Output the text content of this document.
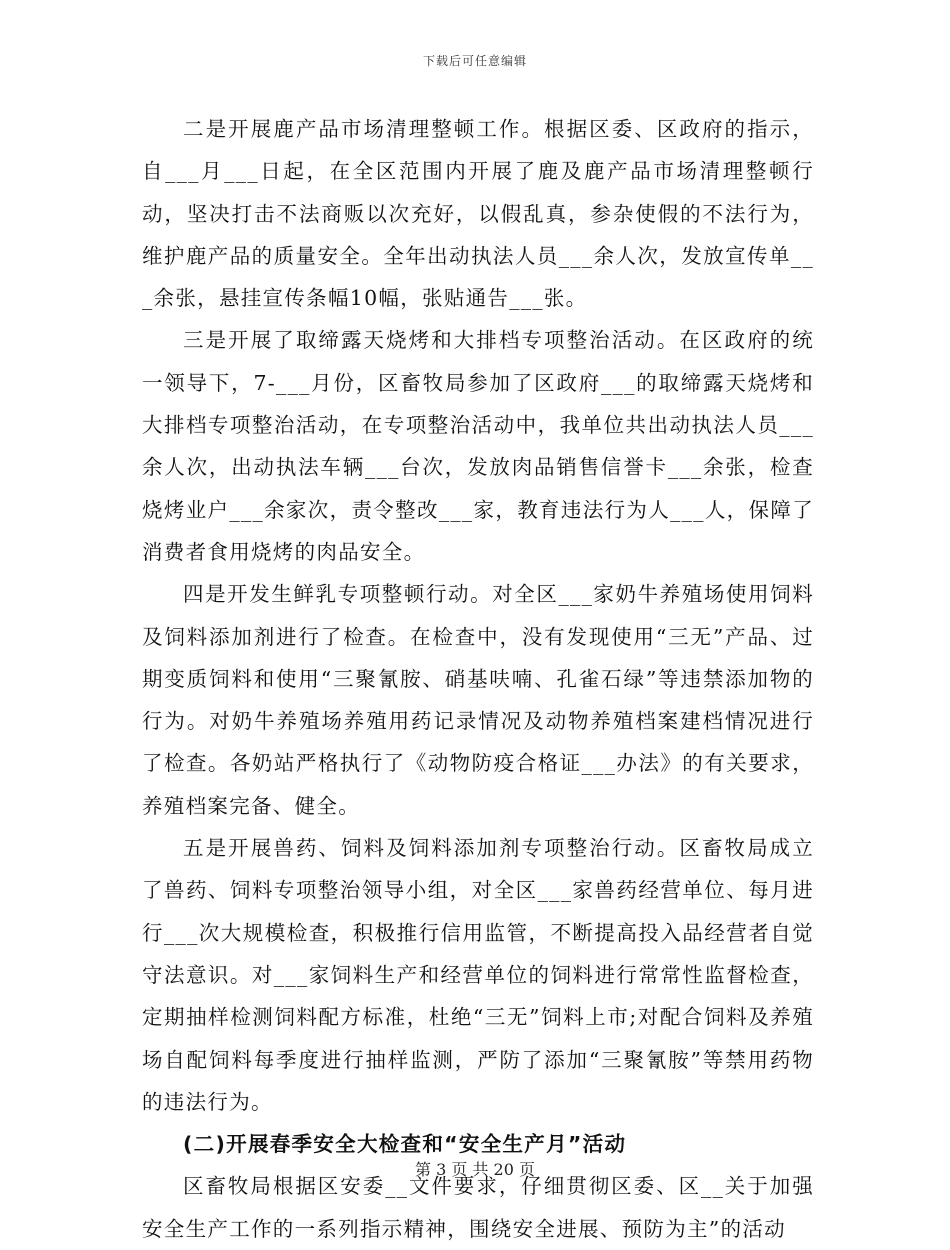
下载后可任意编辑

二是开展鹿产品市场清理整顿工作。根据区委、区政府的指示，自___月___日起，在全区范围内开展了鹿及鹿产品市场清理整顿行动，坚决打击不法商贩以次充好，以假乱真，参杂使假的不法行为，维护鹿产品的质量安全。全年出动执法人员___余人次，发放宣传单___余张，悬挂宣传条幅10幅，张贴通告___张。

三是开展了取缔露天烧烤和大排档专项整治活动。在区政府的统一领导下，7-___月份，区畜牧局参加了区政府___的取缔露天烧烤和大排档专项整治活动，在专项整治活动中，我单位共出动执法人员___余人次，出动执法车辆___台次，发放肉品销售信誉卡___余张，检查烧烤业户___余家次，责令整改___家，教育违法行为人___人，保障了消费者食用烧烤的肉品安全。

四是开发生鲜乳专项整顿行动。对全区___家奶牛养殖场使用饲料及饲料添加剂进行了检查。在检查中，没有发现使用“三无”产品、过期变质饲料和使用“三聚氰胺、硝基呋喃、孔雀石绿”等违禁添加物的行为。对奶牛养殖场养殖用药记录情况及动物养殖档案建档情况进行了检查。各奶站严格执行了《动物防疫合格证___办法》的有关要求，养殖档案完备、健全。

五是开展兽药、饲料及饲料添加剂专项整治行动。区畜牧局成立了兽药、饲料专项整治领导小组，对全区___家兽药经营单位、每月进行___次大规模检查，积极推行信用监管，不断提高投入品经营者自觉守法意识。对___家饲料生产和经营单位的饲料进行常常性监督检查，定期抽样检测饲料配方标准，杜绝“三无”饲料上市;对配合饲料及养殖场自配饲料每季度进行抽样监测，严防了添加“三聚氰胺”等禁用药物的违法行为。

(二)开展春季安全大检查和“安全生产月”活动

区畜牧局根据区安委__文件要求，仔细贯彻区委、区__关于加强安全生产工作的一系列指示精神，围绕安全进展、预防为主”的活动

第 3 页 共 20 页
